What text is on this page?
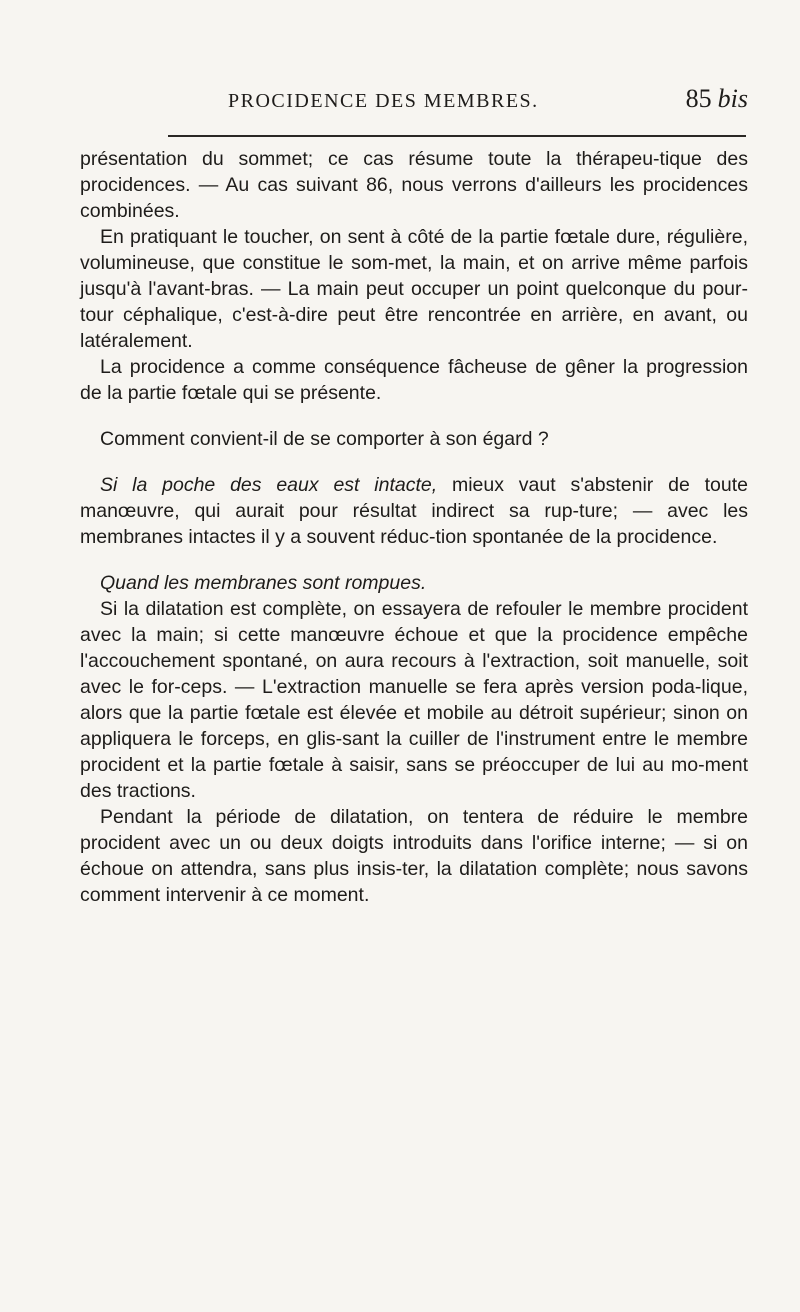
PROCIDENCE DES MEMBRES.	85 bis

présentation du sommet; ce cas résume toute la thérapeu-tique des procidences. — Au cas suivant 86, nous verrons d'ailleurs les procidences combinées.

En pratiquant le toucher, on sent à côté de la partie fœtale dure, régulière, volumineuse, que constitue le som-met, la main, et on arrive même parfois jusqu'à l'avant-bras. — La main peut occuper un point quelconque du pour-tour céphalique, c'est-à-dire peut être rencontrée en arrière, en avant, ou latéralement.

La procidence a comme conséquence fâcheuse de gêner la progression de la partie fœtale qui se présente.

Comment convient-il de se comporter à son égard ?

Si la poche des eaux est intacte, mieux vaut s'abstenir de toute manœuvre, qui aurait pour résultat indirect sa rup-ture; — avec les membranes intactes il y a souvent réduc-tion spontanée de la procidence.

Quand les membranes sont rompues.

Si la dilatation est complète, on essayera de refouler le membre procident avec la main; si cette manœuvre échoue et que la procidence empêche l'accouchement spontané, on aura recours à l'extraction, soit manuelle, soit avec le for-ceps. — L'extraction manuelle se fera après version poda-lique, alors que la partie fœtale est élevée et mobile au détroit supérieur; sinon on appliquera le forceps, en glis-sant la cuiller de l'instrument entre le membre procident et la partie fœtale à saisir, sans se préoccuper de lui au mo-ment des tractions.

Pendant la période de dilatation, on tentera de réduire le membre procident avec un ou deux doigts introduits dans l'orifice interne; — si on échoue on attendra, sans plus insis-ter, la dilatation complète; nous savons comment intervenir à ce moment.
